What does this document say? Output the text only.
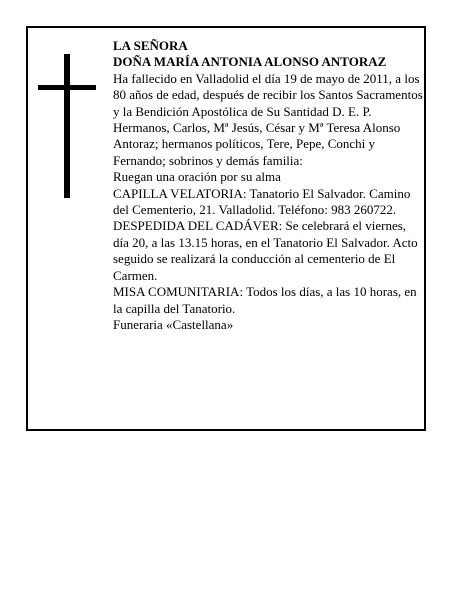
LA SEÑORA

DOÑA MARÍA ANTONIA ALONSO ANTORAZ

Ha fallecido en Valladolid el día 19 de mayo de 2011, a los 80 años de edad, después de recibir los Santos Sacramentos y la Bendición Apostólica de Su Santidad D. E. P.

Hermanos, Carlos, Mª Jesús, César y Mª Teresa Alonso Antoraz; hermanos políticos, Tere, Pepe, Conchi y Fernando; sobrinos y demás familia:

Ruegan una oración por su alma

CAPILLA VELATORIA: Tanatorio El Salvador. Camino del Cementerio, 21. Valladolid. Teléfono: 983 260722.

DESPEDIDA DEL CADÁVER: Se celebrará el viernes, día 20, a las 13.15 horas, en el Tanatorio El Salvador. Acto seguido se realizará la conducción al cementerio de El Carmen.

MISA COMUNITARIA: Todos los días, a las 10 horas, en la capilla del Tanatorio.

Funeraria «Castellana»
